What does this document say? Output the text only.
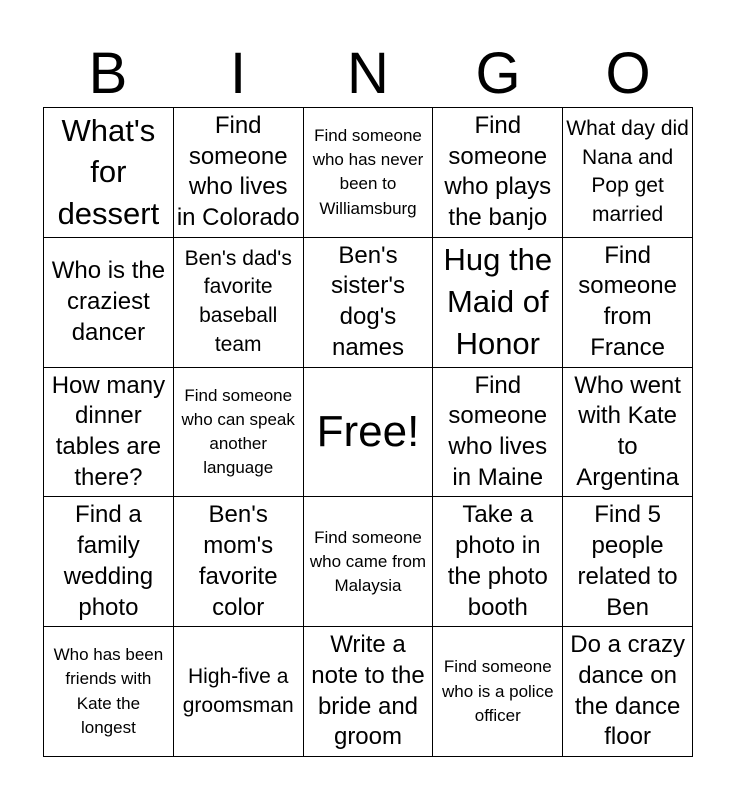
B	I	N	G	O
What's for dessert
Find someone who lives in Colorado
Find someone who has never been to Williamsburg
Find someone who plays the banjo
What day did Nana and Pop get married
Who is the craziest dancer
Ben's dad's favorite baseball team
Ben's sister's dog's names
Hug the Maid of Honor
Find someone from France
How many dinner tables are there?
Find someone who can speak another language
Free!
Find someone who lives in Maine
Who went with Kate to Argentina
Find a family wedding photo
Ben's mom's favorite color
Find someone who came from Malaysia
Take a photo in the photo booth
Find 5 people related to Ben
Who has been friends with Kate the longest
High-five a groomsman
Write a note to the bride and groom
Find someone who is a police officer
Do a crazy dance on the dance floor
